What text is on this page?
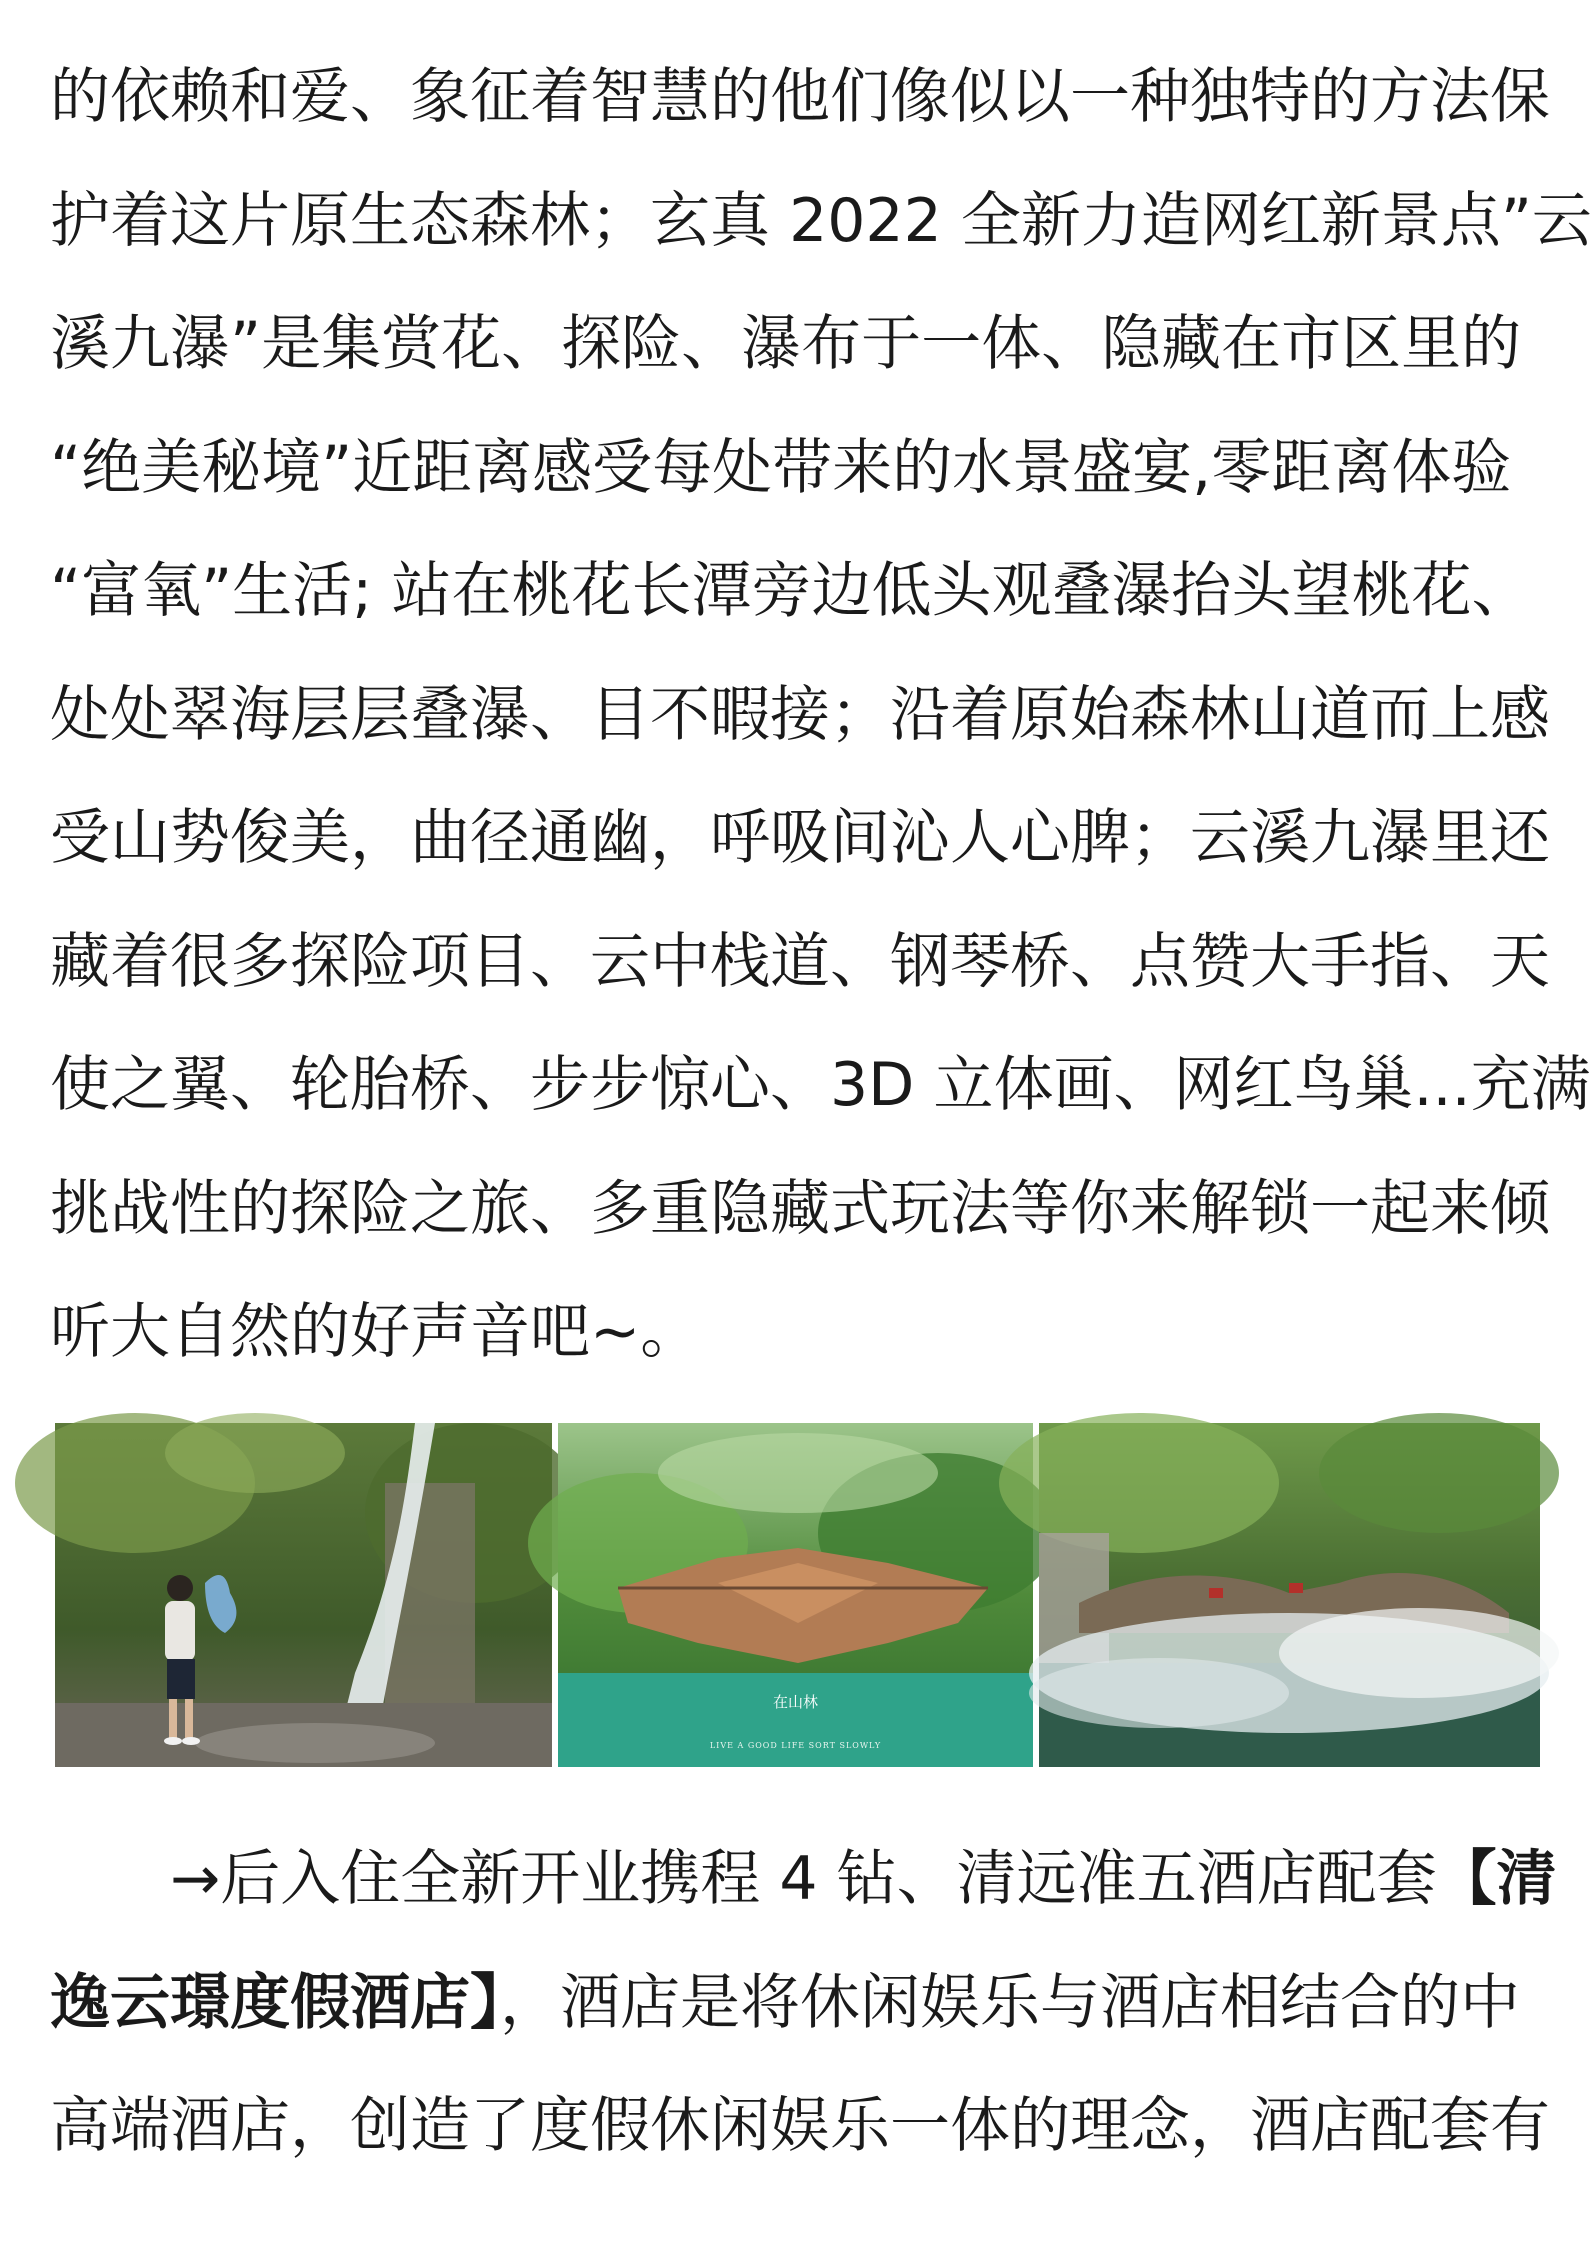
的依赖和爱、象征着智慧的他们像似以一种独特的方法保
护着这片原生态森林；玄真 2022 全新力造网红新景点”云
溪九瀑”是集赏花、探险、瀑布于一体、隐藏在市区里的
“绝美秘境”近距离感受每处带来的水景盛宴,零距离体验
“富氧”生活; 站在桃花长潭旁边低头观叠瀑抬头望桃花、
处处翠海层层叠瀑、目不暇接；沿着原始森林山道而上感
受山势俊美，曲径通幽，呼吸间沁人心脾；云溪九瀑里还
藏着很多探险项目、云中栈道、钢琴桥、点赞大手指、天
使之翼、轮胎桥、步步惊心、3D 立体画、网红鸟巢...充满
挑战性的探险之旅、多重隐藏式玩法等你来解锁一起来倾
听大自然的好声音吧~。
在山林
LIVE A GOOD LIFE SORT SLOWLY
→后入住全新开业携程 4 钻、清远准五酒店配套【清
逸云璟度假酒店】，酒店是将休闲娱乐与酒店相结合的中
高端酒店，创造了度假休闲娱乐一体的理念，酒店配套有
